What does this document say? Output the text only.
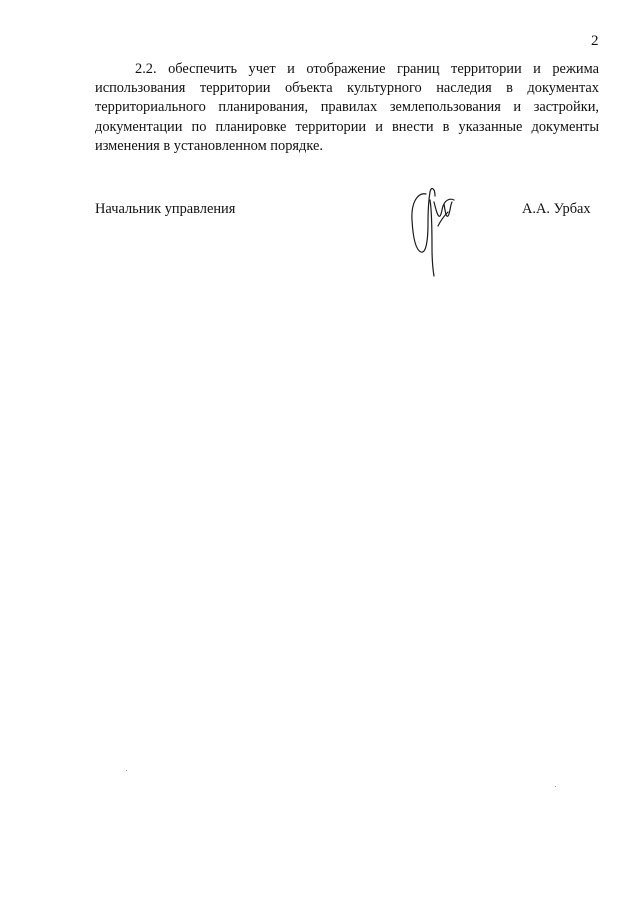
2
2.2. обеспечить учет и отображение границ территории и режима
использования территории объекта культурного наследия в документах
территориального планирования, правилах землепользования и застройки,
документации по планировке территории и внести в указанные документы
изменения в установленном порядке.
Начальник управления	А.А. Урбах
